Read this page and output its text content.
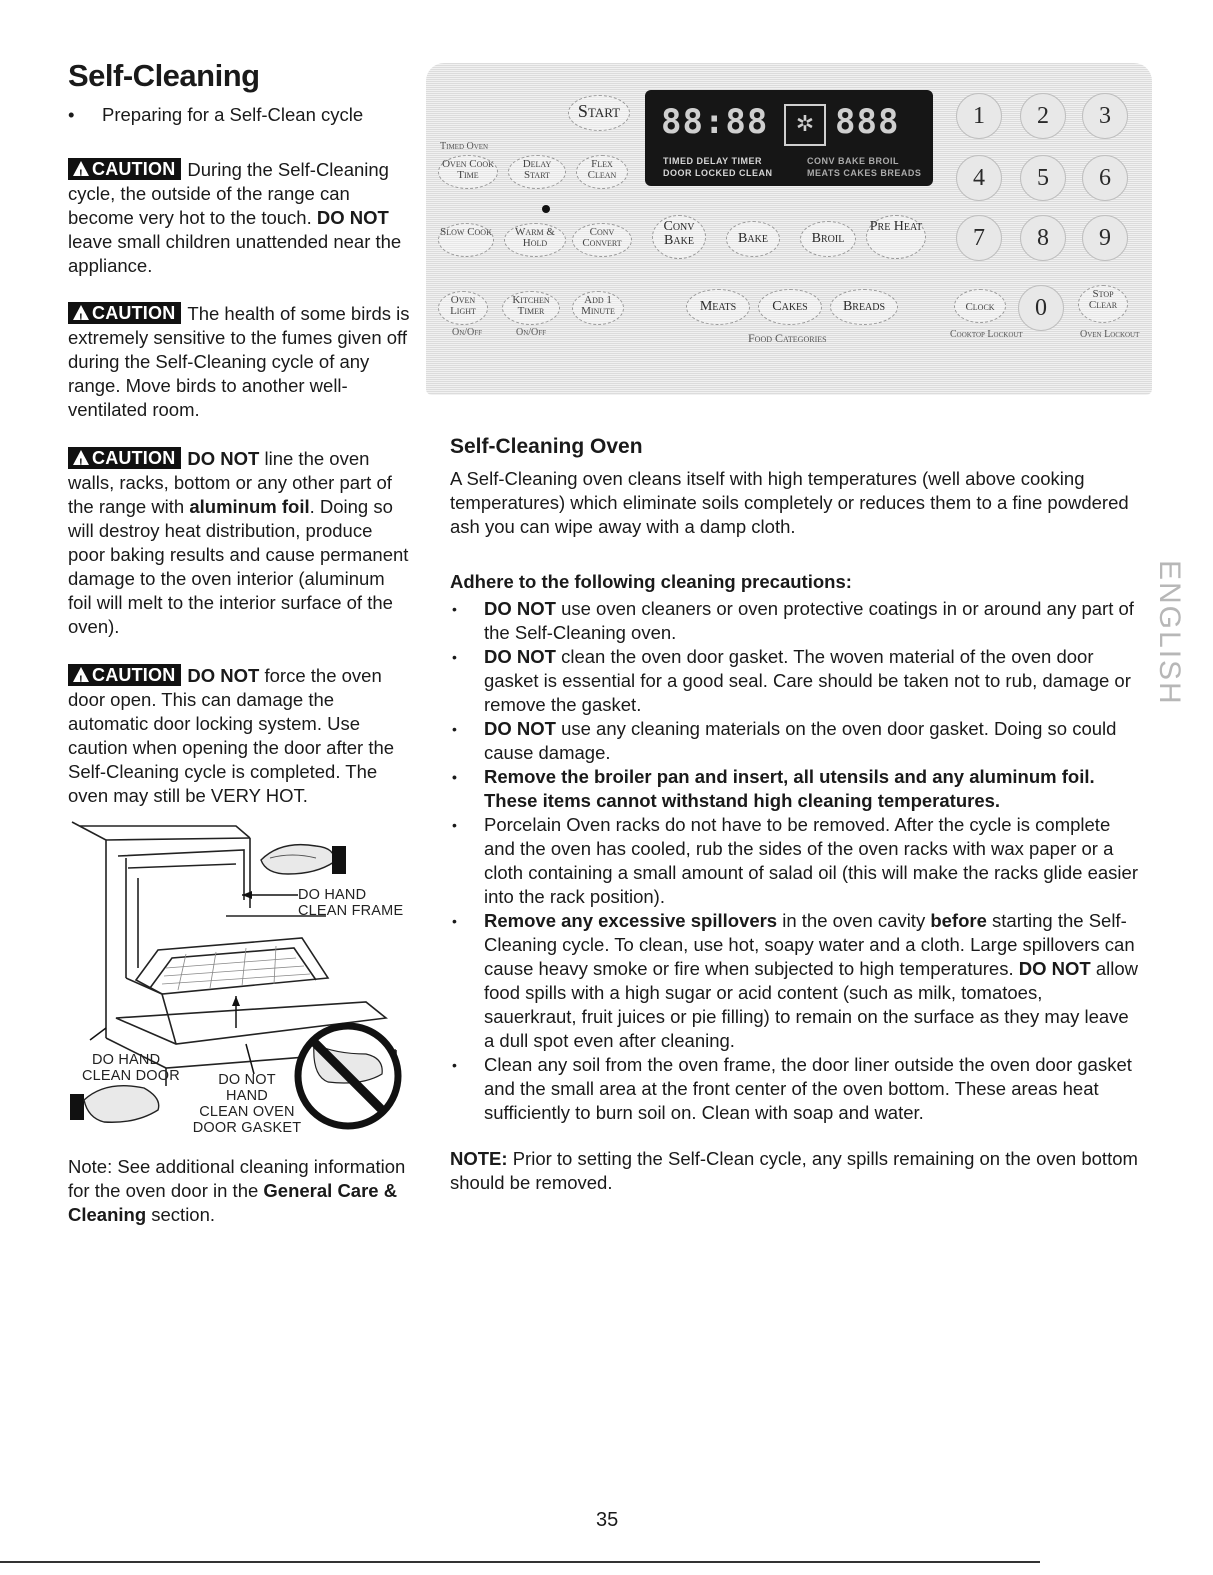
Self-Cleaning
• Preparing for a Self-Clean cycle
!CAUTION During the Self-Cleaning cycle, the outside of the range can become very hot to the touch. DO NOT leave small children unattended near the appliance.
!CAUTION The health of some birds is extremely sensitive to the fumes given off during the Self-Cleaning cycle of any range. Move birds to another well-ventilated room.
!CAUTION DO NOT line the oven walls, racks, bottom or any other part of the range with aluminum foil. Doing so will destroy heat distribution, produce poor baking results and cause permanent damage to the oven interior (aluminum foil will melt to the interior surface of the oven).
!CAUTION DO NOT force the oven door open. This can damage the automatic door locking system. Use caution when opening the door after the Self-Cleaning cycle is completed. The oven may still be VERY HOT.
DO HAND
CLEAN FRAME
DO HAND
CLEAN DOOR	DO NOT
HAND
CLEAN OVEN
DOOR GASKET
Note: See additional cleaning information for the oven door in the General Care & Cleaning section.
Start
Timed Oven
Oven Cook Time
Delay Start
Flex Clean
Slow Cook	Warm & Hold
Conv Convert
Conv Bake	Bake	Broil
Pre Heat
Oven Light
Kitchen Timer
Add 1 Minute
On/Off	On/Off
Meats	Cakes	Breads
Food Categories
Clock	0
Stop Clear
Cooktop Lockout	Oven Lockout
1	2	3
4	5	6
7	8	9
88:88	✲ 888
TIMED DELAY TIMER
DOOR LOCKED CLEAN
CONV BAKE BROIL
MEATS CAKES BREADS
Self-Cleaning Oven
A Self-Cleaning oven cleans itself with high temperatures (well above cooking temperatures) which eliminate soils completely or reduces them to a fine powdered ash you can wipe away with a damp cloth.
Adhere to the following cleaning precautions:
• DO NOT use oven cleaners or oven protective coatings in or around any part of the Self-Cleaning oven.
• DO NOT clean the oven door gasket. The woven material of the oven door gasket is essential for a good seal. Care should be taken not to rub, damage or remove the gasket.
• DO NOT use any cleaning materials on the oven door gasket. Doing so could cause damage.
• Remove the broiler pan and insert, all utensils and any aluminum foil. These items cannot withstand high cleaning temperatures.
• Porcelain Oven racks do not have to be removed. After the cycle is complete and the oven has cooled, rub the sides of the oven racks with wax paper or a cloth containing a small amount of salad oil (this will make the racks glide easier into the rack position).
• Remove any excessive spillovers in the oven cavity before starting the Self-Cleaning cycle. To clean, use hot, soapy water and a cloth. Large spillovers can cause heavy smoke or fire when subjected to high temperatures. DO NOT allow food spills with a high sugar or acid content (such as milk, tomatoes, sauerkraut, fruit juices or pie filling) to remain on the surface as they may leave a dull spot even after cleaning.
• Clean any soil from the oven frame, the door liner outside the oven door gasket and the small area at the front center of the oven bottom. These areas heat sufficiently to burn soil on. Clean with soap and water.
NOTE: Prior to setting the Self-Clean cycle, any spills remaining on the oven bottom should be removed.
ENGLISH
35
